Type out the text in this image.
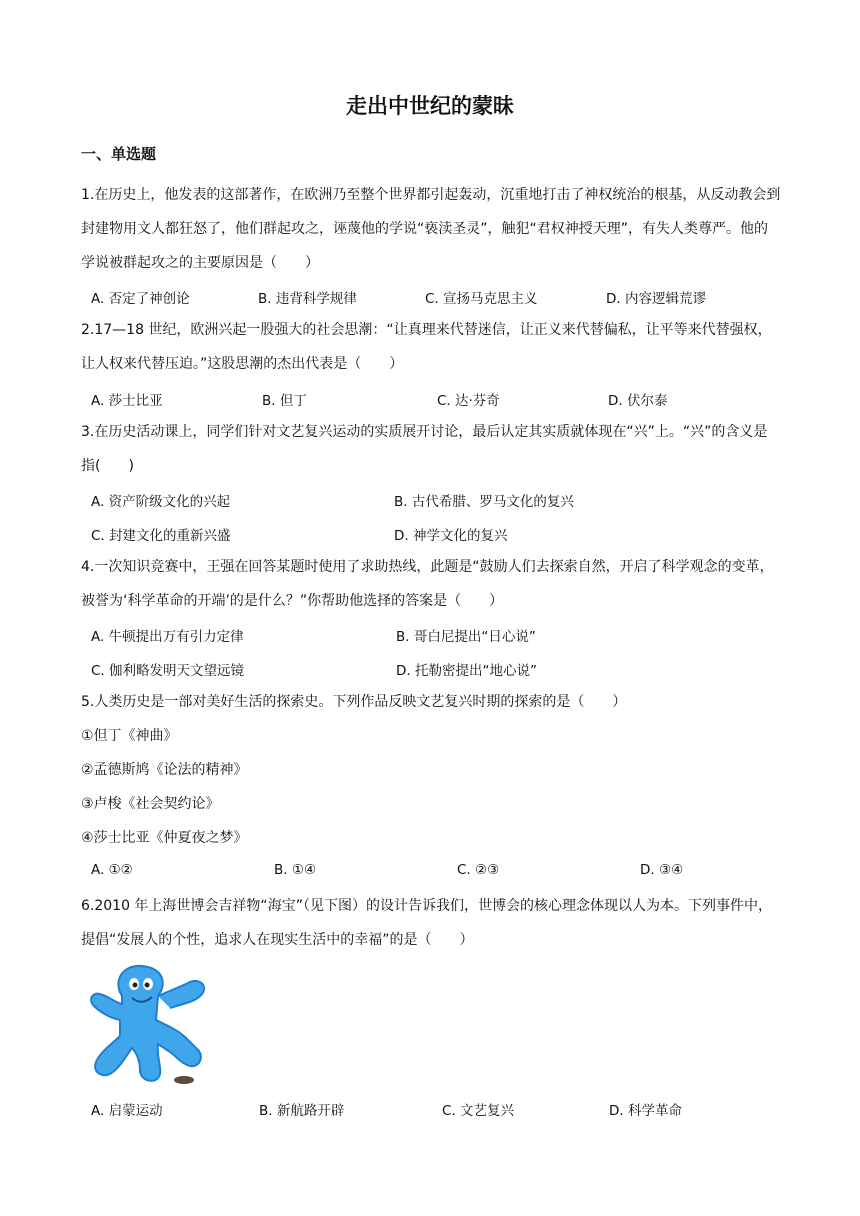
走出中世纪的蒙昧
一、单选题
1.在历史上，他发表的这部著作，在欧洲乃至整个世界都引起轰动，沉重地打击了神权统治的根基，从反动教会到封建物用文人都狂怒了，他们群起攻之，诬蔑他的学说“亵渎圣灵”，触犯“君权神授天理”，有失人类尊严。他的学说被群起攻之的主要原因是（　　）
A. 否定了神创论	B. 违背科学规律	C. 宣扬马克思主义	D. 内容逻辑荒谬
2.17—18 世纪，欧洲兴起一股强大的社会思潮：“让真理来代替迷信，让正义来代替偏私，让平等来代替强权，让人权来代替压迫。”这股思潮的杰出代表是（　　）
A. 莎士比亚	B. 但丁	C. 达·芬奇	D. 伏尔泰
3.在历史活动课上，同学们针对文艺复兴运动的实质展开讨论，最后认定其实质就体现在“兴”上。“兴”的含义是指(　　)
A. 资产阶级文化的兴起	B. 古代希腊、罗马文化的复兴
C. 封建文化的重新兴盛	D. 神学文化的复兴
4.一次知识竞赛中，王强在回答某题时使用了求助热线，此题是“鼓励人们去探索自然，开启了科学观念的变革，被誉为‘科学革命的开端’的是什么？”你帮助他选择的答案是（　　）
A. 牛顿提出万有引力定律	B. 哥白尼提出“日心说”
C. 伽利略发明天文望远镜	D. 托勒密提出“地心说”
5.人类历史是一部对美好生活的探索史。下列作品反映文艺复兴时期的探索的是（　　）
①但丁《神曲》
②孟德斯鸠《论法的精神》
③卢梭《社会契约论》
④莎士比亚《仲夏夜之梦》
A. ①②	B. ①④	C. ②③	D. ③④
6.2010 年上海世博会吉祥物“海宝”（见下图）的设计告诉我们，世博会的核心理念体现以人为本。下列事件中，提倡“发展人的个性，追求人在现实生活中的幸福”的是（　　）
A. 启蒙运动	B. 新航路开辟	C. 文艺复兴	D. 科学革命
